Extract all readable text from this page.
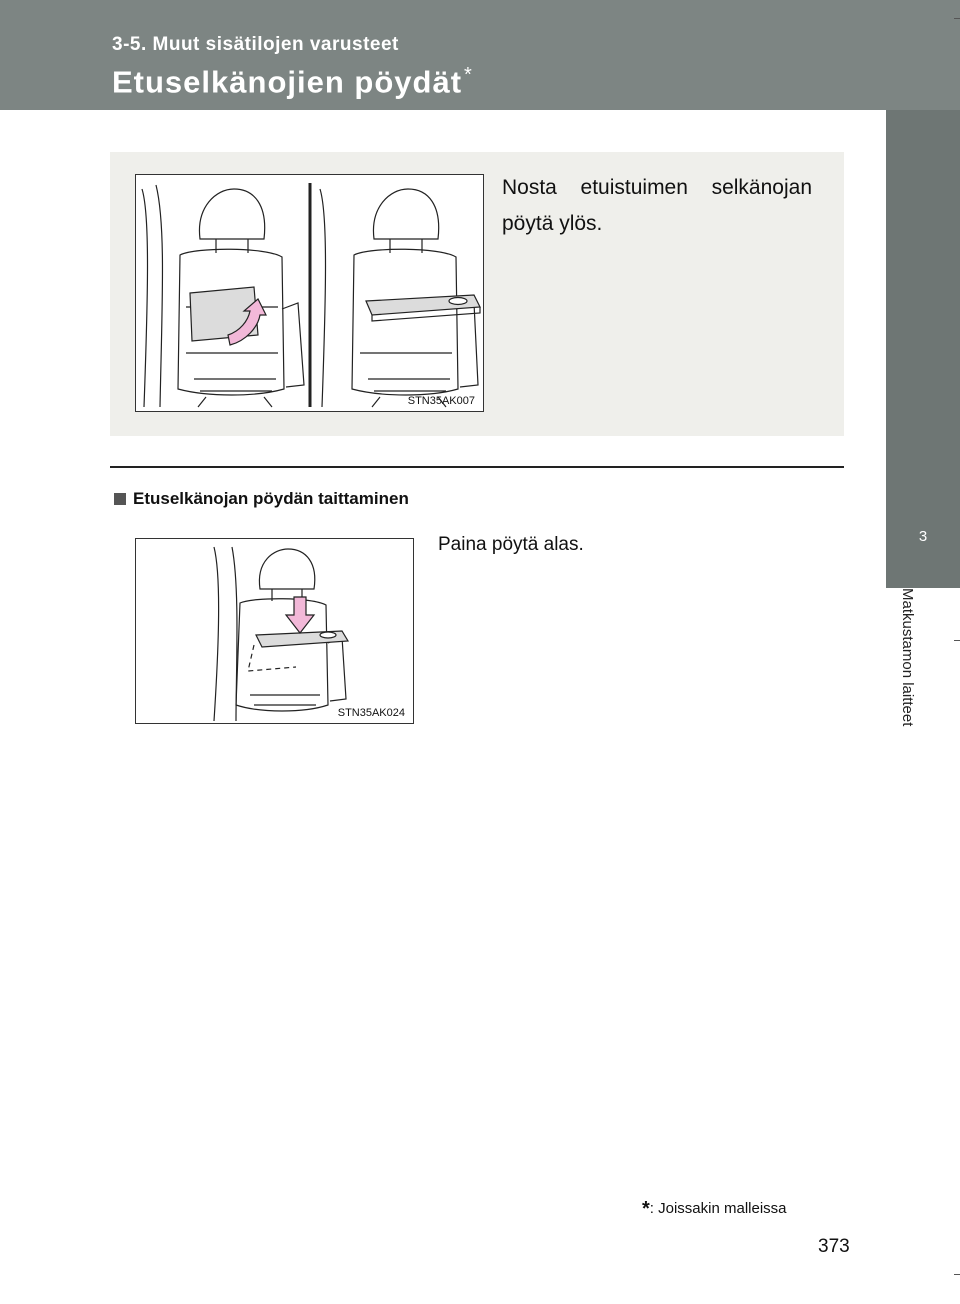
3-5. Muut sisätilojen varusteet
Etuselkänojien pöydät *
3
Matkustamon laitteet
STN35AK007
Nosta etuistuimen selkänojan pöytä ylös.
Etuselkänojan pöydän taittaminen
STN35AK024
Paina pöytä alas.
*: Joissakin malleissa
373
